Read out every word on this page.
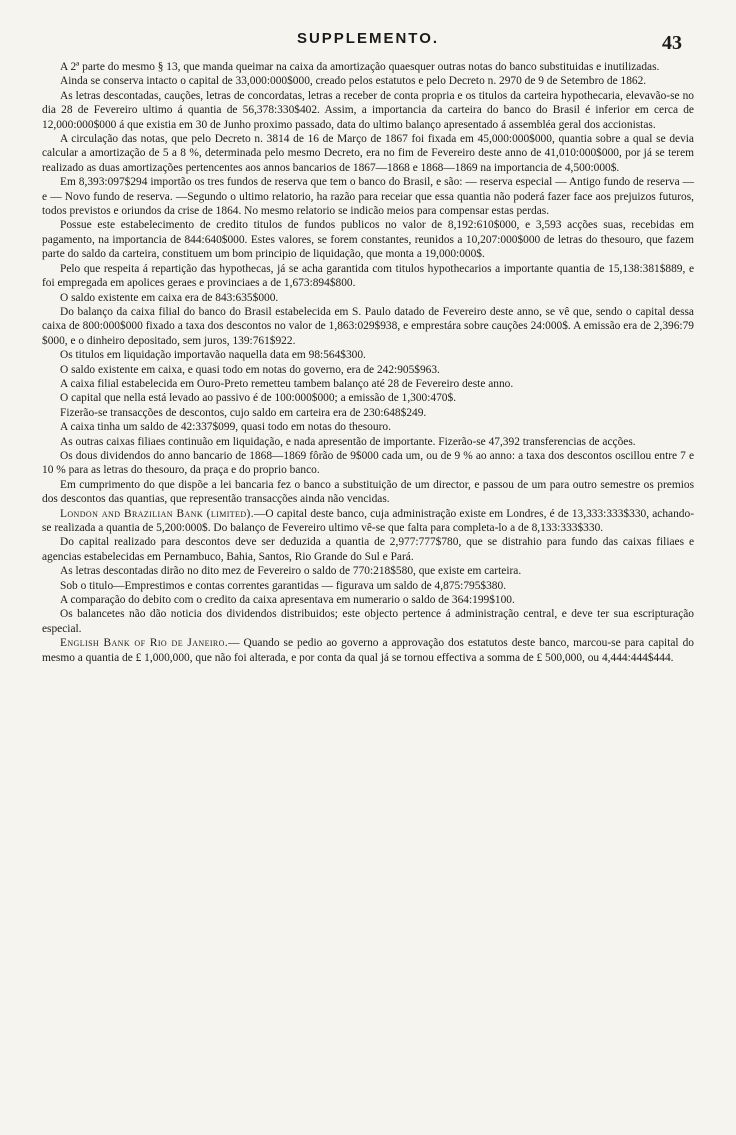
SUPPLEMENTO.	43

A 2ª parte do mesmo § 13, que manda queimar na caixa da amortização quaesquer outras notas do banco substituidas e inutilizadas.

Ainda se conserva intacto o capital de 33,000:000$000, creado pelos estatutos e pelo Decreto n. 2970 de 9 de Setembro de 1862.

As letras descontadas, cauções, letras de concordatas, letras a receber de conta propria e os titulos da carteira hypothecaria, elevavão-se no dia 28 de Fevereiro ultimo á quantia de 56,378:330$402. Assim, a importancia da carteira do banco do Brasil é inferior em cerca de 12,000:000$000 á que existia em 30 de Junho proximo passado, data do ultimo balanço apresentado á assembléa geral dos accionistas.

A circulação das notas, que pelo Decreto n. 3814 de 16 de Março de 1867 foi fixada em 45,000:000$000, quantia sobre a qual se devia calcular a amortização de 5 a 8 %, determinada pelo mesmo Decreto, era no fim de Fevereiro deste anno de 41,010:000$000, por já se terem realizado as duas amortizações pertencentes aos annos bancarios de 1867—1868 e 1868—1869 na importancia de 4,500:000$.

Em 8,393:097$294 importão os tres fundos de reserva que tem o banco do Brasil, e são: — reserva especial — Antigo fundo de reserva — e — Novo fundo de reserva. —Segundo o ultimo relatorio, ha razão para receiar que essa quantia não poderá fazer face aos prejuizos futuros, todos previstos e oriundos da crise de 1864. No mesmo relatorio se indicão meios para compensar estas perdas.

Possue este estabelecimento de credito titulos de fundos publicos no valor de 8,192:610$000, e 3,593 acções suas, recebidas em pagamento, na importancia de 844:640$000. Estes valores, se forem constantes, reunidos a 10,207:000$000 de letras do thesouro, que fazem parte do saldo da carteira, constituem um bom principio de liquidação, que monta a 19,000:000$.

Pelo que respeita á repartição das hypothecas, já se acha garantida com titulos hypothecarios a importante quantia de 15,138:381$889, e foi empregada em apolices geraes e provinciaes a de 1,673:894$800.

O saldo existente em caixa era de 843:635$000.

Do balanço da caixa filial do banco do Brasil estabelecida em S. Paulo datado de Fevereiro deste anno, se vê que, sendo o capital dessa caixa de 800:000$000 fixado a taxa dos descontos no valor de 1,863:029$938, e emprestára sobre cauções 24:000$. A emissão era de 2,396:79 $000, e o dinheiro depositado, sem juros, 139:761$922.

Os titulos em liquidação importavão naquella data em 98:564$300.

O saldo existente em caixa, e quasi todo em notas do governo, era de 242:905$963.

A caixa filial estabelecida em Ouro-Preto remetteu tambem balanço até 28 de Fevereiro deste anno.

O capital que nella está levado ao passivo é de 100:000$000; a emissão de 1,300:470$.

Fizerão-se transacções de descontos, cujo saldo em carteira era de 230:648$249.

A caixa tinha um saldo de 42:337$099, quasi todo em notas do thesouro.

As outras caixas filiaes continuão em liquidação, e nada apresentão de importante. Fizerão-se 47,392 transferencias de acções.

Os dous dividendos do anno bancario de 1868—1869 fôrão de 9$000 cada um, ou de 9 % ao anno: a taxa dos descontos oscillou entre 7 e 10 % para as letras do thesouro, da praça e do proprio banco.

Em cumprimento do que dispõe a lei bancaria fez o banco a substituição de um director, e passou de um para outro semestre os premios dos descontos das quantias, que representão transacções ainda não vencidas.

London and Brazilian Bank (limited).—O capital deste banco, cuja administração existe em Londres, é de 13,333:333$330, achando-se realizada a quantia de 5,200:000$. Do balanço de Fevereiro ultimo vê-se que falta para completa-lo a de 8,133:333$330.

Do capital realizado para descontos deve ser deduzida a quantia de 2,977:777$780, que se distrahio para fundo das caixas filiaes e agencias estabelecidas em Pernambuco, Bahia, Santos, Rio Grande do Sul e Pará.

As letras descontadas dirão no dito mez de Fevereiro o saldo de 770:218$580, que existe em carteira.

Sob o titulo—Emprestimos e contas correntes garantidas — figurava um saldo de 4,875:795$380.

A comparação do debito com o credito da caixa apresentava em numerario o saldo de 364:199$100.

Os balancetes não dão noticia dos dividendos distribuidos; este objecto pertence á administração central, e deve ter sua escripturação especial.

English Bank of Rio de Janeiro.— Quando se pedio ao governo a approvação dos estatutos deste banco, marcou-se para capital do mesmo a quantia de £ 1,000,000, que não foi alterada, e por conta da qual já se tornou effectiva a somma de £ 500,000, ou 4,444:444$444.
